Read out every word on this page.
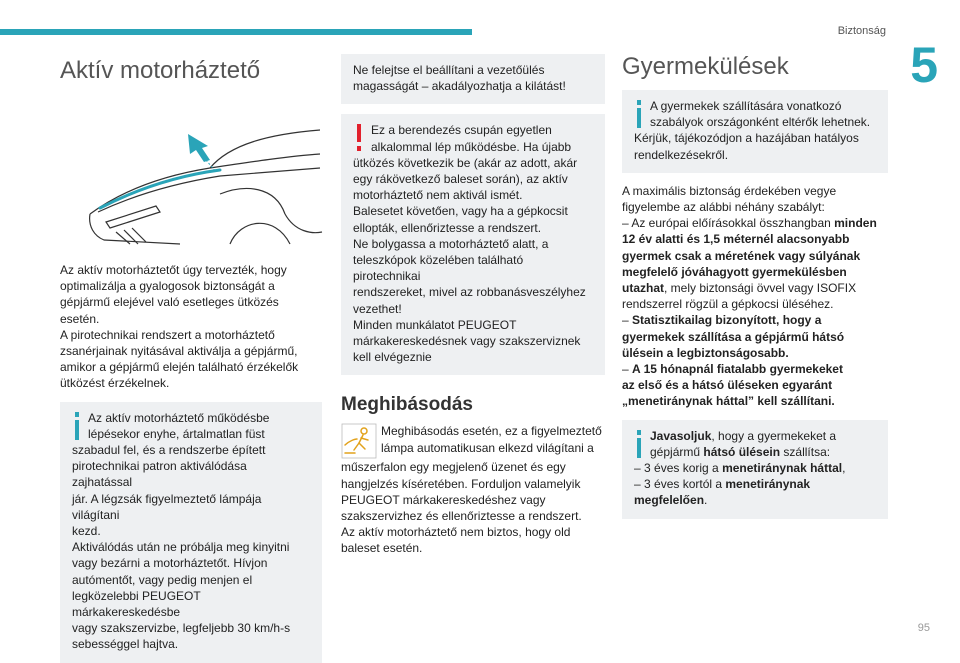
Biztonság
5
95
Aktív motorháztető

Az aktív motorháztetőt úgy tervezték, hogy
optimalizálja a gyalogosok biztonságát a
gépjármű elejével való esetleges ütközés
esetén.
A pirotechnikai rendszert a motorháztető
zsanérjainak nyitásával aktiválja a gépjármű,
amikor a gépjármű elején található érzékelők
ütközést érzékelnek.

Az aktív motorháztető működésbe
lépésekor enyhe, ártalmatlan füst
szabadul fel, és a rendszerbe épített
pirotechnikai patron aktiválódása zajhatással
jár. A légzsák figyelmeztető lámpája világítani
kezd.
Aktiválódás után ne próbálja meg kinyitni
vagy bezárni a motorháztetőt. Hívjon
autómentőt, vagy pedig menjen el
legközelebbi PEUGEOT márkakereskedésbe
vagy szakszervizbe, legfeljebb 30 km/h-s
sebességgel hajtva.
Ne felejtse el beállítani a vezetőülés
magasságát – akadályozhatja a kilátást!
Ez a berendezés csupán egyetlen
alkalommal lép működésbe. Ha újabb
ütközés következik be (akár az adott, akár
egy rákövetkező baleset során), az aktív
motorháztető nem aktivál ismét.
Balesetet követően, vagy ha a gépkocsit
ellopták, ellenőriztesse a rendszert.
Ne bolygassa a motorháztető alatt, a
teleszkópok közelében található pirotechnikai
rendszereket, mivel az robbanásveszélyhez
vezethet!
Minden munkálatot PEUGEOT
márkakereskedésnek vagy szakszerviznek
kell elvégeznie
Meghibásodás
Meghibásodás esetén, ez a figyelmeztető
lámpa automatikusan elkezd világítani a
műszerfalon egy megjelenő üzenet és egy
hangjelzés kíséretében. Forduljon valamelyik
PEUGEOT márkakereskedéshez vagy
szakszervizhez és ellenőriztesse a rendszert.
Az aktív motorháztető nem biztos, hogy old
baleset esetén.
Gyermekülések
A gyermekek szállítására vonatkozó
szabályok országonként eltérők lehetnek.
Kérjük, tájékozódjon a hazájában hatályos
rendelkezésekről.

A maximális biztonság érdekében vegye
figyelembe az alábbi néhány szabályt:
– Az európai előírásokkal összhangban minden
12 év alatti és 1,5 méternél alacsonyabb
gyermek csak a méretének vagy súlyának
megfelelő jóváhagyott gyermekülésben
utazhat, mely biztonsági övvel vagy ISOFIX
rendszerrel rögzül a gépkocsi üléséhez.
– Statisztikailag bizonyított, hogy a
gyermekek szállítása a gépjármű hátsó
ülésein a legbiztonságosabb.
– A 15 hónapnál fiatalabb gyermekeket
az első és a hátsó üléseken egyaránt
„menetiránynak háttal” kell szállítani.

Javasoljuk, hogy a gyermekeket a
gépjármű hátsó ülésein szállítsa:
– 3 éves korig a menetiránynak háttal,
– 3 éves kortól a menetiránynak
megfelelően.
